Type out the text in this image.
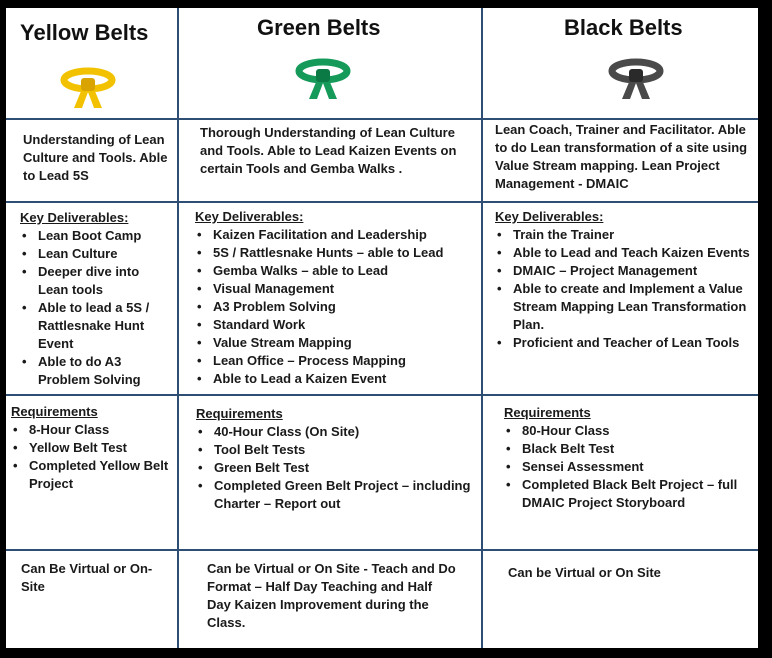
Yellow Belts	Green Belts	Black Belts
Understanding of Lean Culture and Tools. Able to Lead 5S
Thorough Understanding of Lean Culture and Tools. Able to Lead Kaizen Events on certain Tools and Gemba Walks .
Lean Coach, Trainer and Facilitator. Able to do Lean transformation of a site using Value Stream mapping. Lean Project Management - DMAIC
Key Deliverables:
• Lean Boot Camp
• Lean Culture
• Deeper dive into Lean tools
• Able to lead a 5S / Rattlesnake Hunt Event
• Able to do A3 Problem Solving
Key Deliverables:
• Kaizen Facilitation and Leadership
• 5S / Rattlesnake Hunts – able to Lead
• Gemba Walks – able to Lead
• Visual Management
• A3 Problem Solving
• Standard Work
• Value Stream Mapping
• Lean Office – Process Mapping
• Able to Lead a Kaizen Event
Key Deliverables:
• Train the Trainer
• Able to Lead and Teach Kaizen Events
• DMAIC – Project Management
• Able to create and Implement a Value Stream Mapping Lean Transformation Plan.
• Proficient and Teacher of Lean Tools
Requirements
• 8-Hour Class
• Yellow Belt Test
• Completed Yellow Belt Project
Requirements
• 40-Hour Class (On Site)
• Tool Belt Tests
• Green Belt Test
• Completed Green Belt Project – including Charter – Report out
Requirements
• 80-Hour Class
• Black Belt Test
• Sensei Assessment
• Completed Black Belt Project – full DMAIC Project Storyboard
Can Be Virtual or On-Site
Can be Virtual or On Site - Teach and Do Format – Half Day Teaching and Half Day Kaizen Improvement during the Class.
Can be Virtual or On Site
